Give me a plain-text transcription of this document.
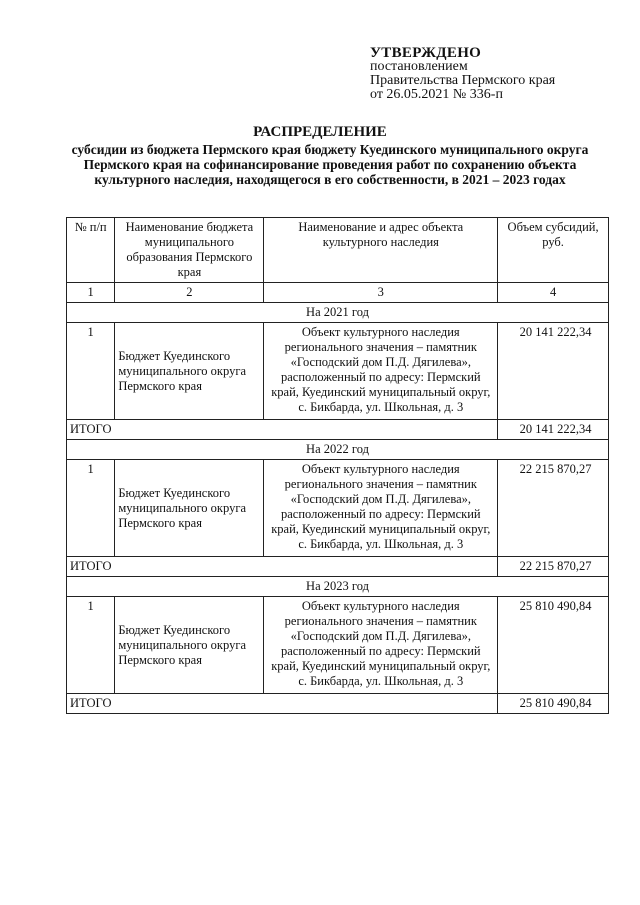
УТВЕРЖДЕНО
постановлением
Правительства Пермского края
от 26.05.2021 № 336-п
РАСПРЕДЕЛЕНИЕ
субсидии из бюджета Пермского края бюджету Куединского муниципального округа Пермского края на софинансирование проведения работ по сохранению объекта культурного наследия, находящегося в его собственности, в 2021 – 2023 годах
№ п/п	Наименование бюджета муниципального образования Пермского края	Наименование и адрес объекта культурного наследия	Объем субсидий, руб.
1	2	3	4
На 2021 год			
1	Бюджет Куединского муниципального округа Пермского края	Объект культурного наследия регионального значения – памятник «Господский дом П.Д. Дягилева», расположенный по адресу: Пермский край, Куединский муниципальный округ, с. Бикбарда, ул. Школьная, д. 3	20 141 222,34
ИТОГО			20 141 222,34
На 2022 год			
1	Бюджет Куединского муниципального округа Пермского края	Объект культурного наследия регионального значения – памятник «Господский дом П.Д. Дягилева», расположенный по адресу: Пермский край, Куединский муниципальный округ, с. Бикбарда, ул. Школьная, д. 3	22 215 870,27
ИТОГО			22 215 870,27
На 2023 год			
1	Бюджет Куединского муниципального округа Пермского края	Объект культурного наследия регионального значения – памятник «Господский дом П.Д. Дягилева», расположенный по адресу: Пермский край, Куединский муниципальный округ, с. Бикбарда, ул. Школьная, д. 3	25 810 490,84
ИТОГО			25 810 490,84
